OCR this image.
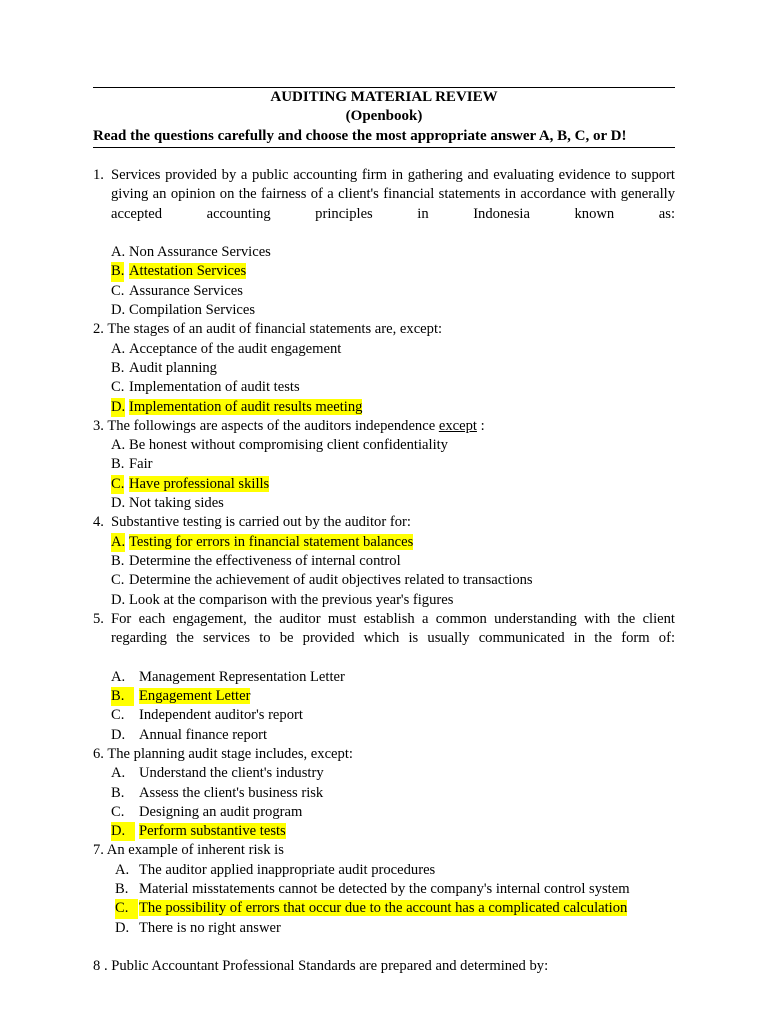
AUDITING MATERIAL REVIEW
(Openbook)
Read the questions carefully and choose the most appropriate answer A, B, C, or D!
1. Services provided by a public accounting firm in gathering and evaluating evidence to support giving an opinion on the fairness of a client's financial statements in accordance with generally accepted accounting principles in Indonesia known as:
A. Non Assurance Services
B. Attestation Services
C. Assurance Services
D. Compilation Services
2. The stages of an audit of financial statements are, except:
A. Acceptance of the audit engagement
B. Audit planning
C. Implementation of audit tests
D. Implementation of audit results meeting
3. The followings are aspects of the auditors independence except :
A. Be honest without compromising client confidentiality
B. Fair
C. Have professional skills
D. Not taking sides
4. Substantive testing is carried out by the auditor for:
A. Testing for errors in financial statement balances
B. Determine the effectiveness of internal control
C. Determine the achievement of audit objectives related to transactions
D. Look at the comparison with the previous year's figures
5. For each engagement, the auditor must establish a common understanding with the client regarding the services to be provided which is usually communicated in the form of:
A. Management Representation Letter
B.	Engagement Letter
C. Independent auditor's report
D. Annual finance report
6. The planning audit stage includes, except:
A. Understand the client's industry
B. Assess the client's business risk
C. Designing an audit program
D. Perform substantive tests
7. An example of inherent risk is
A. The auditor applied inappropriate audit procedures
B. Material misstatements cannot be detected by the company's internal control system
C. The possibility of errors that occur due to the account has a complicated calculation
D. There is no right answer
8 . Public Accountant Professional Standards are prepared and determined by:
